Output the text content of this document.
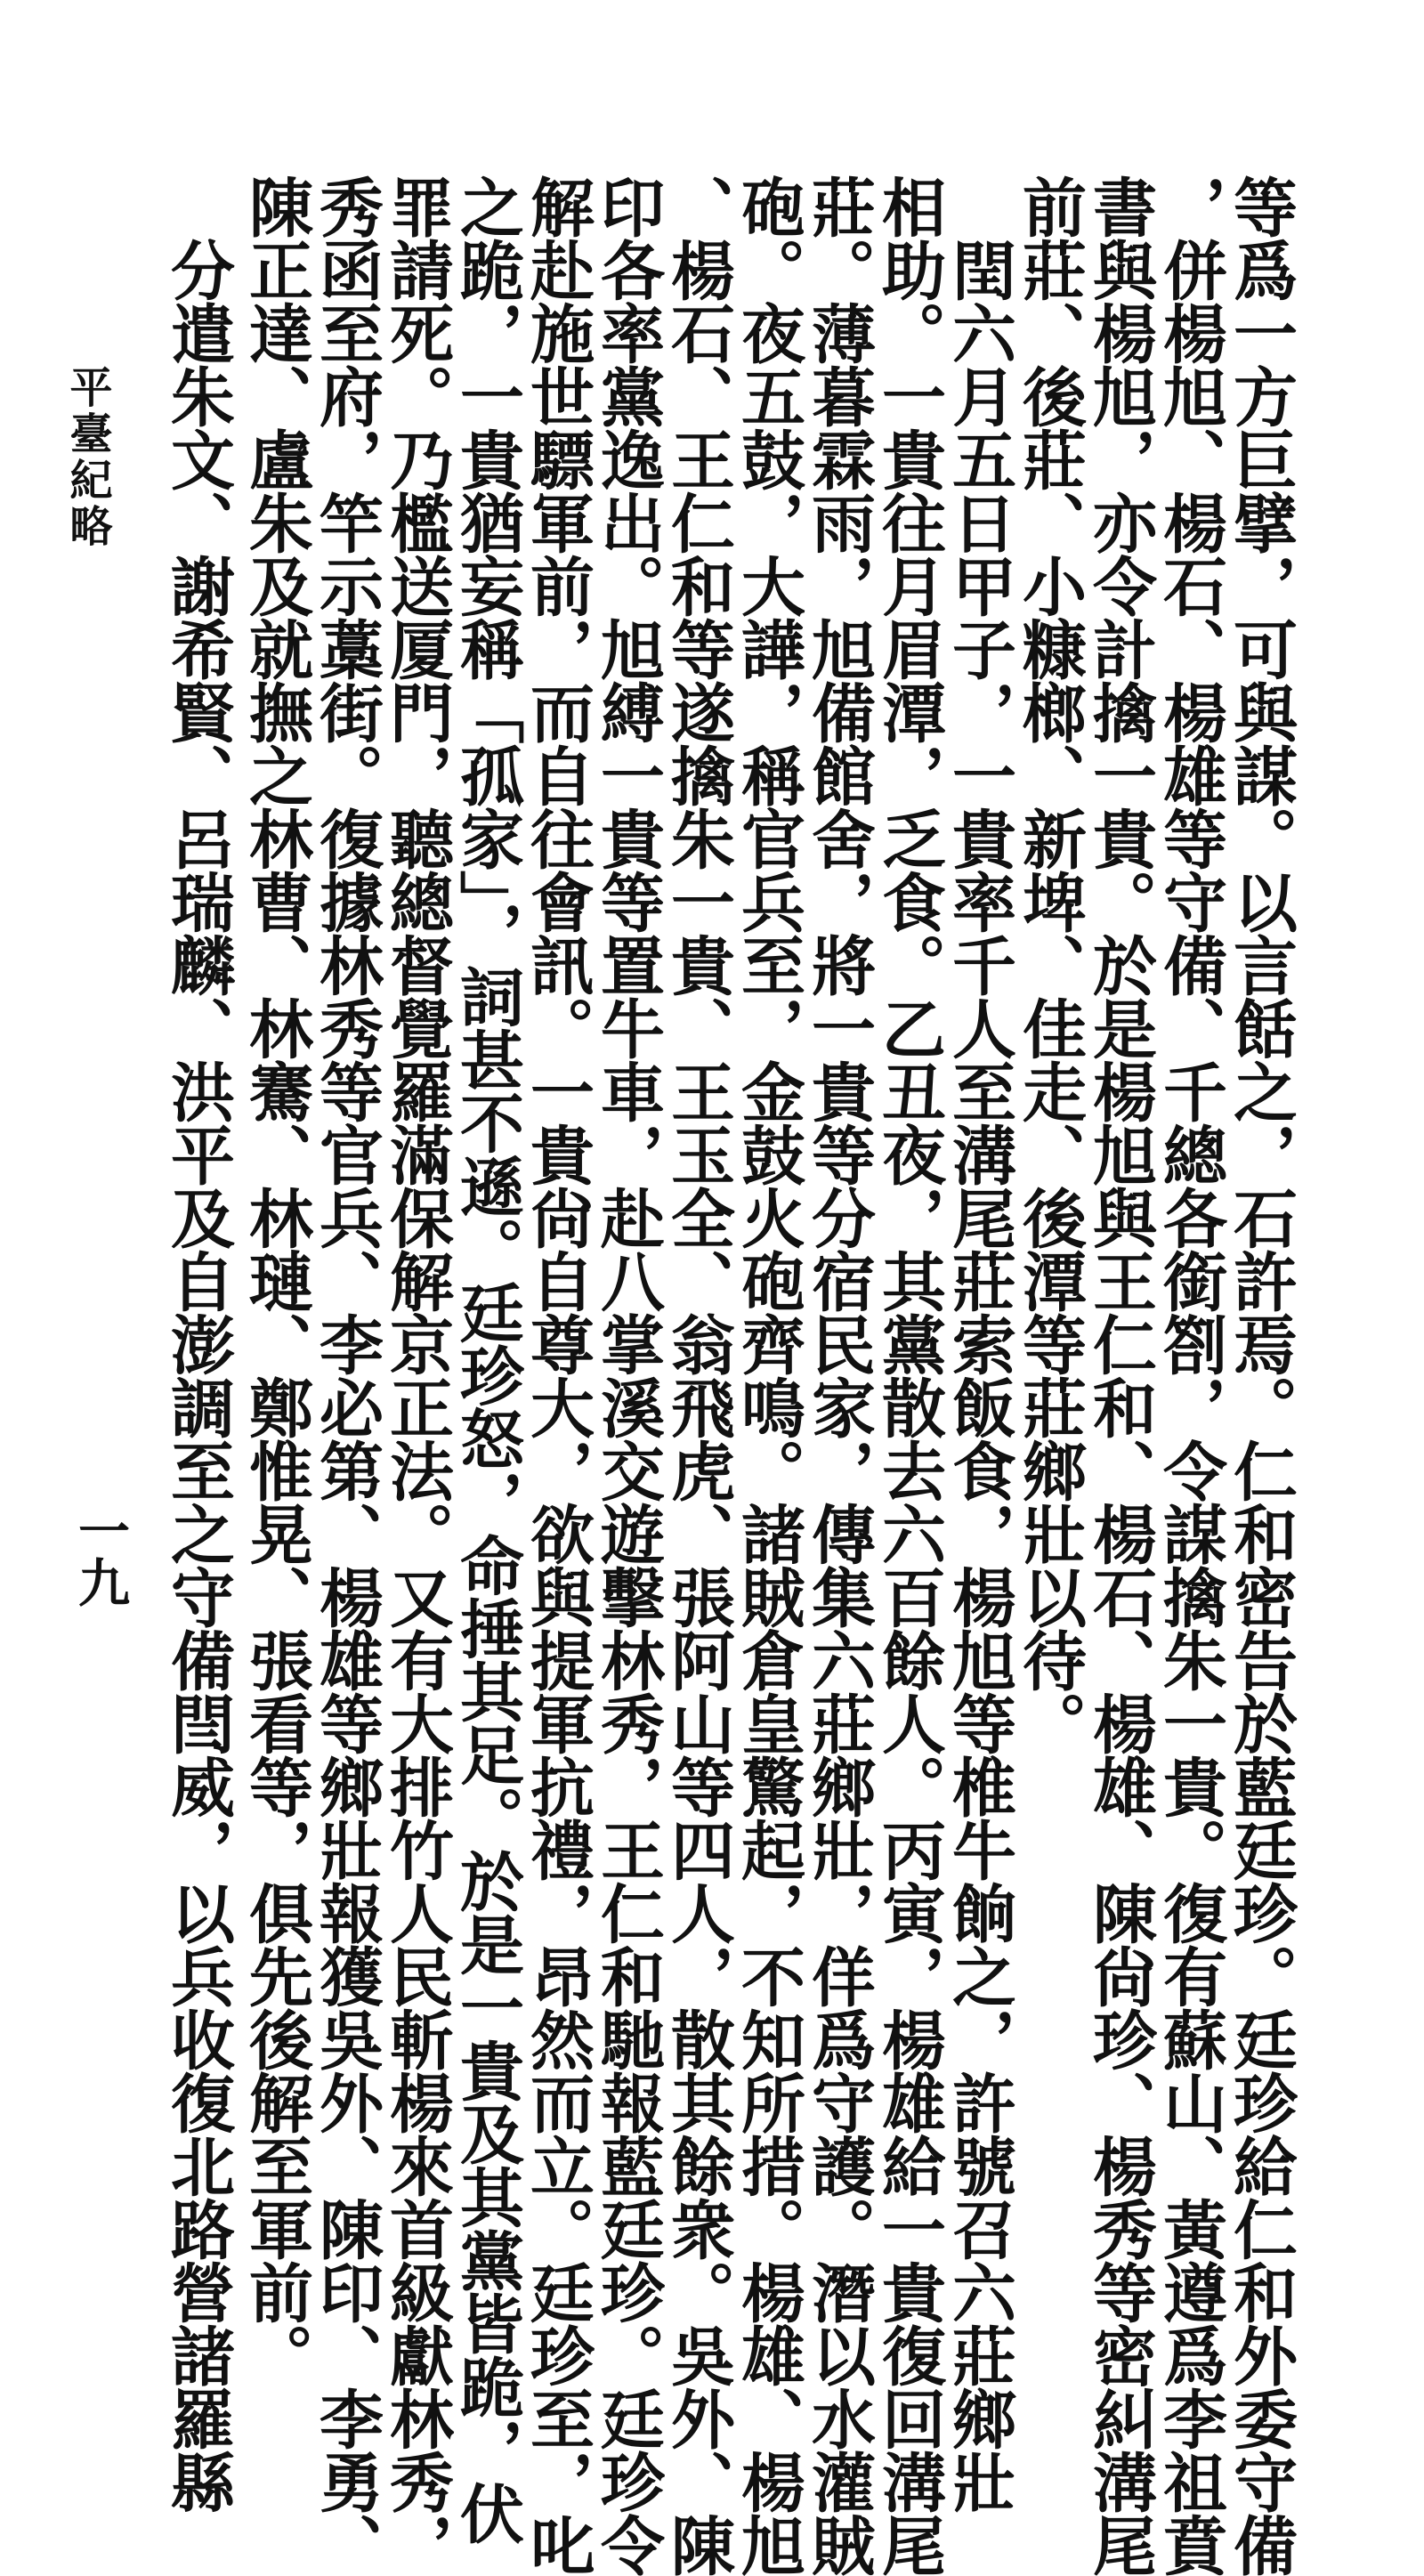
等爲一方巨擘，可與謀。以言餂之，石許焉。仁和密告於藍廷珍。廷珍給仁和外委守備
，併楊旭、楊石、楊雄等守備、千總各銜劄，令謀擒朱一貴。復有蘇山、黃遵爲李祖賁
書與楊旭，亦令計擒一貴。於是楊旭與王仁和、楊石、楊雄、陳尙珍、楊秀等密糾溝尾
前莊、後莊、小糠榔、新埤、佳走、後潭等莊鄉壯以待。
　閏六月五日甲子，一貴率千人至溝尾莊索飯食，楊旭等椎牛餉之，許號召六莊鄉壯
相助。一貴往月眉潭，乏食。乙丑夜，其黨散去六百餘人。丙寅，楊雄給一貴復回溝尾
莊。薄暮霖雨，旭備館舍，將一貴等分宿民家，傳集六莊鄉壯，佯爲守護。潛以水灌賊
砲。夜五鼓，大譁，稱官兵至，金鼓火砲齊鳴。諸賊倉皇驚起，不知所措。楊雄、楊旭
、楊石、王仁和等遂擒朱一貴、王玉全、翁飛虎、張阿山等四人，散其餘衆。吳外、陳
印各率黨逸出。旭縛一貴等置牛車，赴八掌溪交遊擊林秀，王仁和馳報藍廷珍。廷珍令
解赴施世驃軍前，而自往會訊。一貴尙自尊大，欲與提軍抗禮，昂然而立。廷珍至，叱
之跪，一貴猶妄稱「孤家」，詞甚不遜。廷珍怒，命捶其足。於是一貴及其黨皆跪，伏
罪請死。乃檻送厦門，聽總督覺羅滿保解京正法。又有大排竹人民斬楊來首級獻林秀，
秀函至府，竿示藁街。復據林秀等官兵、李必第、楊雄等鄉壯報獲吳外、陳印、李勇、
陳正達、盧朱及就撫之林曹、林騫、林璉、鄭惟晃、張看等，俱先後解至軍前。
　分遣朱文、謝希賢、呂瑞麟、洪平及自澎調至之守備閆威，以兵收復北路營諸羅縣
平臺紀略
一九
